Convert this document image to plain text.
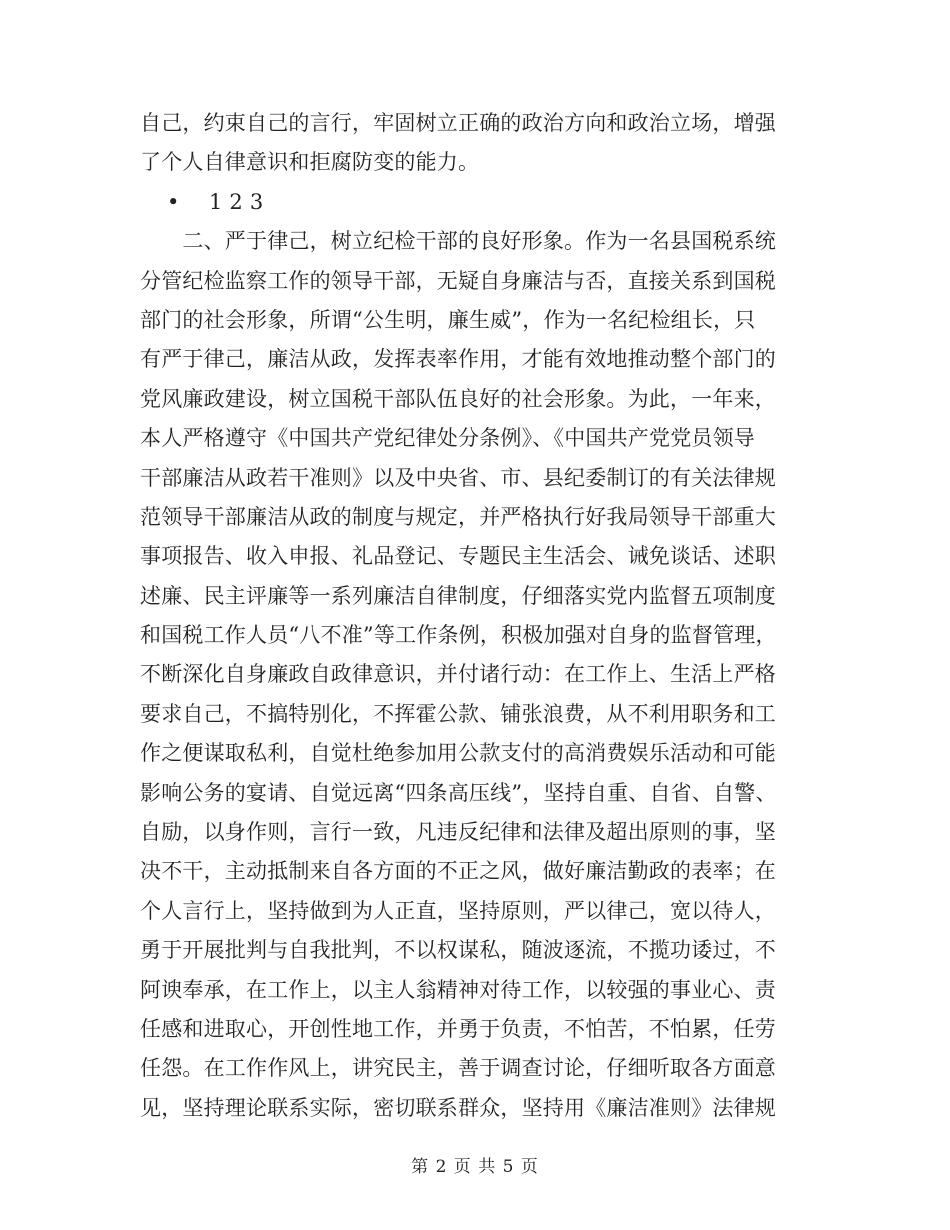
自己，约束自己的言行，牢固树立正确的政治方向和政治立场，增强
了个人自律意识和拒腐防变的能力。
• 1 2 3
　　二、严于律己，树立纪检干部的良好形象。作为一名县国税系统
分管纪检监察工作的领导干部，无疑自身廉洁与否，直接关系到国税
部门的社会形象，所谓“公生明，廉生威”，作为一名纪检组长，只
有严于律己，廉洁从政，发挥表率作用，才能有效地推动整个部门的
党风廉政建设，树立国税干部队伍良好的社会形象。为此，一年来，
本人严格遵守《中国共产党纪律处分条例》、《中国共产党党员领导
干部廉洁从政若干准则》以及中央省、市、县纪委制订的有关法律规
范领导干部廉洁从政的制度与规定，并严格执行好我局领导干部重大
事项报告、收入申报、礼品登记、专题民主生活会、诫免谈话、述职
述廉、民主评廉等一系列廉洁自律制度，仔细落实党内监督五项制度
和国税工作人员“八不准”等工作条例，积极加强对自身的监督管理，
不断深化自身廉政自政律意识，并付诸行动：在工作上、生活上严格
要求自己，不搞特别化，不挥霍公款、铺张浪费，从不利用职务和工
作之便谋取私利，自觉杜绝参加用公款支付的高消费娱乐活动和可能
影响公务的宴请、自觉远离“四条高压线”，坚持自重、自省、自警、
自励，以身作则，言行一致，凡违反纪律和法律及超出原则的事，坚
决不干，主动抵制来自各方面的不正之风，做好廉洁勤政的表率；在
个人言行上，坚持做到为人正直，坚持原则，严以律己，宽以待人，
勇于开展批判与自我批判，不以权谋私，随波逐流，不揽功诿过，不
阿谀奉承，在工作上，以主人翁精神对待工作，以较强的事业心、责
任感和进取心，开创性地工作，并勇于负责，不怕苦，不怕累，任劳
任怨。在工作作风上，讲究民主，善于调查讨论，仔细听取各方面意
见，坚持理论联系实际，密切联系群众，坚持用《廉洁准则》法律规
第 2 页 共 5 页
